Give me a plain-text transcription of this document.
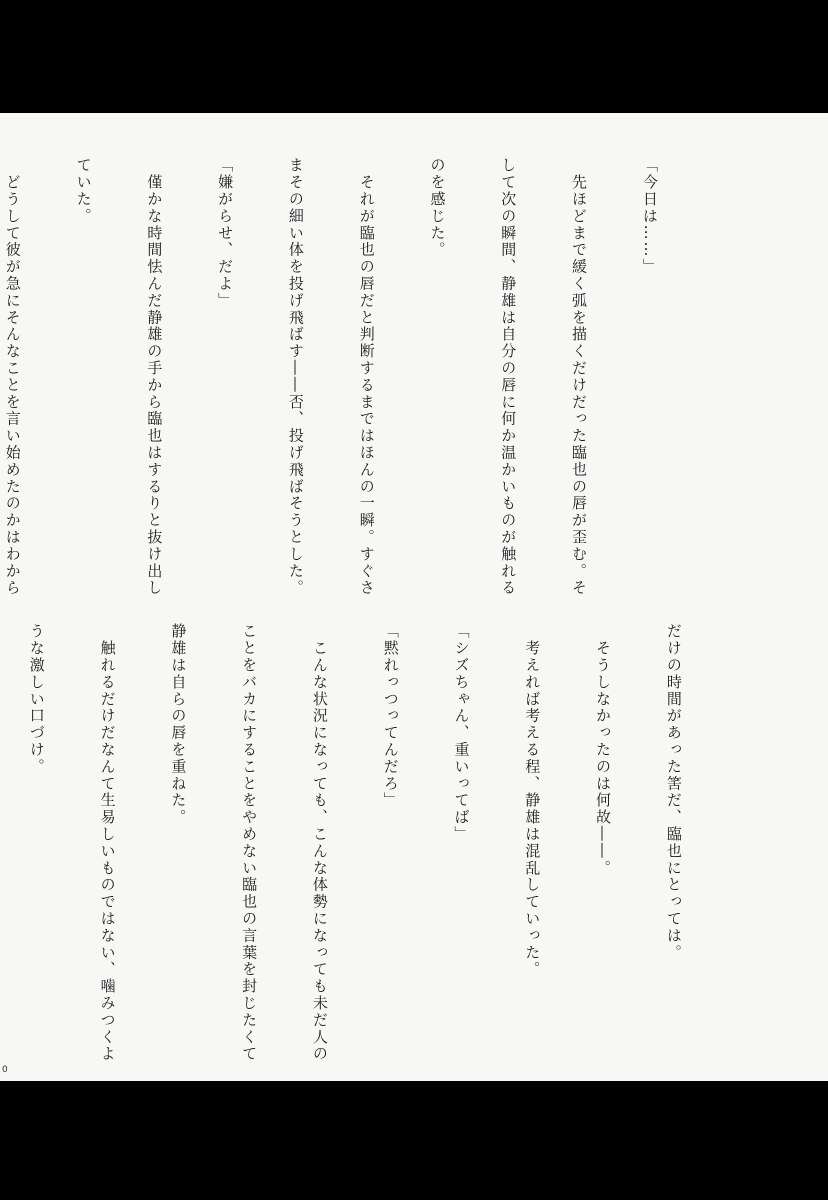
「今日は……」

　先ほどまで緩く弧を描くだけだった臨也の唇が歪む。そ

して次の瞬間、静雄は自分の唇に何か温かいものが触れる

のを感じた。

　それが臨也の唇だと判断するまではほんの一瞬。すぐさ

まその細い体を投げ飛ばす――否、投げ飛ばそうとした。

「嫌がらせ、だよ」

　僅かな時間怯んだ静雄の手から臨也はするりと抜け出し

ていた。

　どうして彼が急にそんなことを言い始めたのかはわから

だけの時間があった筈だ、臨也にとっては。

　そうしなかったのは何故――。

　考えれば考える程、静雄は混乱していった。

「シズちゃん、重いってば」

「黙れっつってんだろ」

　こんな状況になっても、こんな体勢になっても未だ人の

ことをバカにすることをやめない臨也の言葉を封じたくて

静雄は自らの唇を重ねた。

　触れるだけだなんて生易しいものではない、噛みつくよ

うな激しい口づけ。

0
